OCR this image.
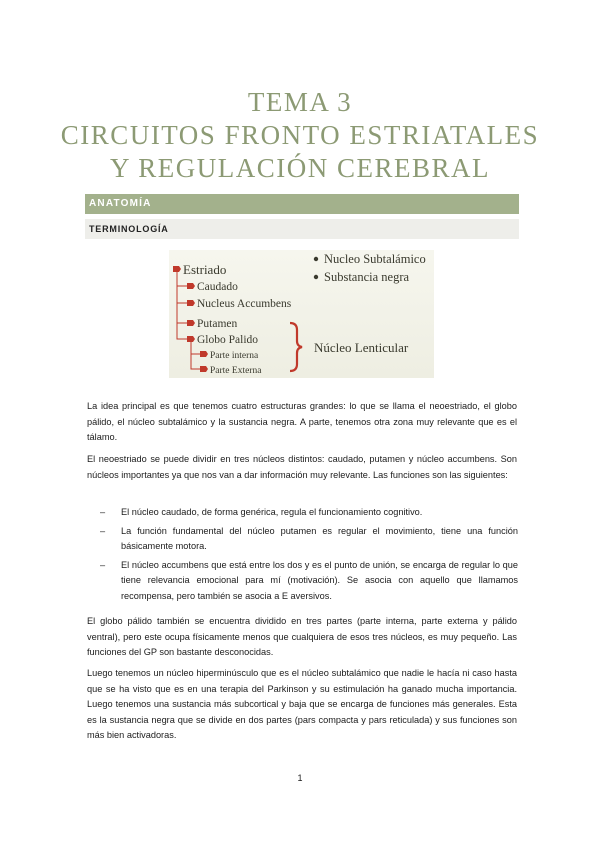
TEMA 3
CIRCUITOS FRONTO ESTRIATALES
Y REGULACIÓN CEREBRAL
ANATOMÍA
TERMINOLOGÍA
Estriado
Caudado
Nucleus Accumbens
Putamen
Globo Palido
Parte interna
Parte Externa
Nucleo Subtalámico
Substancia negra
Núcleo Lenticular
La idea principal es que tenemos cuatro estructuras grandes: lo que se llama el neoestriado, el globo pálido, el núcleo subtalámico y la sustancia negra. A parte, tenemos otra zona muy relevante que es el tálamo.
El neoestriado se puede dividir en tres núcleos distintos: caudado, putamen y núcleo accumbens. Son núcleos importantes ya que nos van a dar información muy relevante. Las funciones son las siguientes:
– El núcleo caudado, de forma genérica, regula el funcionamiento cognitivo.
– La función fundamental del núcleo putamen es regular el movimiento, tiene una función básicamente motora.
– El núcleo accumbens que está entre los dos y es el punto de unión, se encarga de regular lo que tiene relevancia emocional para mí (motivación). Se asocia con aquello que llamamos recompensa, pero también se asocia a E aversivos.
El globo pálido también se encuentra dividido en tres partes (parte interna, parte externa y pálido ventral), pero este ocupa físicamente menos que cualquiera de esos tres núcleos, es muy pequeño. Las funciones del GP son bastante desconocidas.
Luego tenemos un núcleo hiperminúsculo que es el núcleo subtalámico que nadie le hacía ni caso hasta que se ha visto que es en una terapia del Parkinson y su estimulación ha ganado mucha importancia. Luego tenemos una sustancia más subcortical y baja que se encarga de funciones más generales. Esta es la sustancia negra que se divide en dos partes (pars compacta y pars reticulada) y sus funciones son más bien activadoras.
1
